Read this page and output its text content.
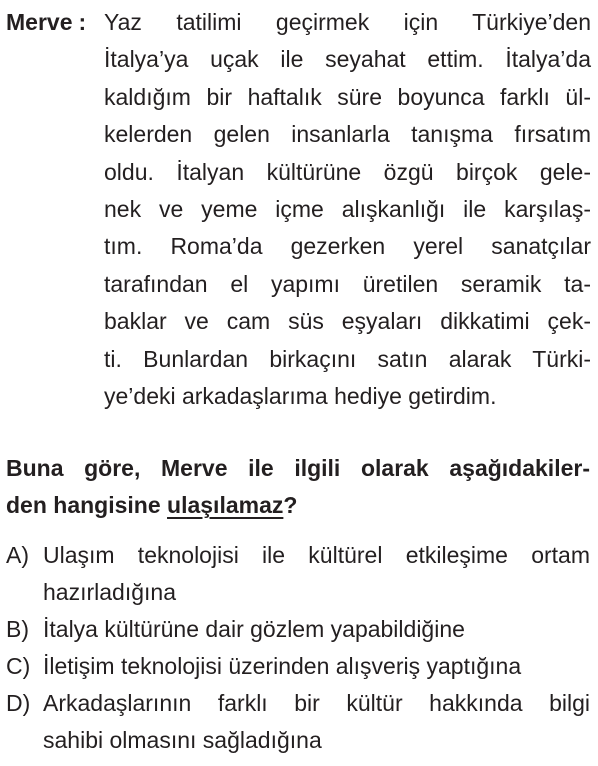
Merve : Yaz tatilimi geçirmek için Türkiye’den
İtalya’ya uçak ile seyahat ettim. İtalya’da
kaldığım bir haftalık süre boyunca farklı ül-
kelerden gelen insanlarla tanışma fırsatım
oldu. İtalyan kültürüne özgü birçok gele-
nek ve yeme içme alışkanlığı ile karşılaş-
tım. Roma’da gezerken yerel sanatçılar
tarafından el yapımı üretilen seramik ta-
baklar ve cam süs eşyaları dikkatimi çek-
ti. Bunlardan birkaçını satın alarak Türki-
ye’deki arkadaşlarıma hediye getirdim.
Buna göre, Merve ile ilgili olarak aşağıdakiler-
den hangisine ulaşılamaz?
A) Ulaşım teknolojisi ile kültürel etkileşime ortam
hazırladığına
B) İtalya kültürüne dair gözlem yapabildiğine
C) İletişim teknolojisi üzerinden alışveriş yaptığına
D) Arkadaşlarının farklı bir kültür hakkında bilgi
sahibi olmasını sağladığına
